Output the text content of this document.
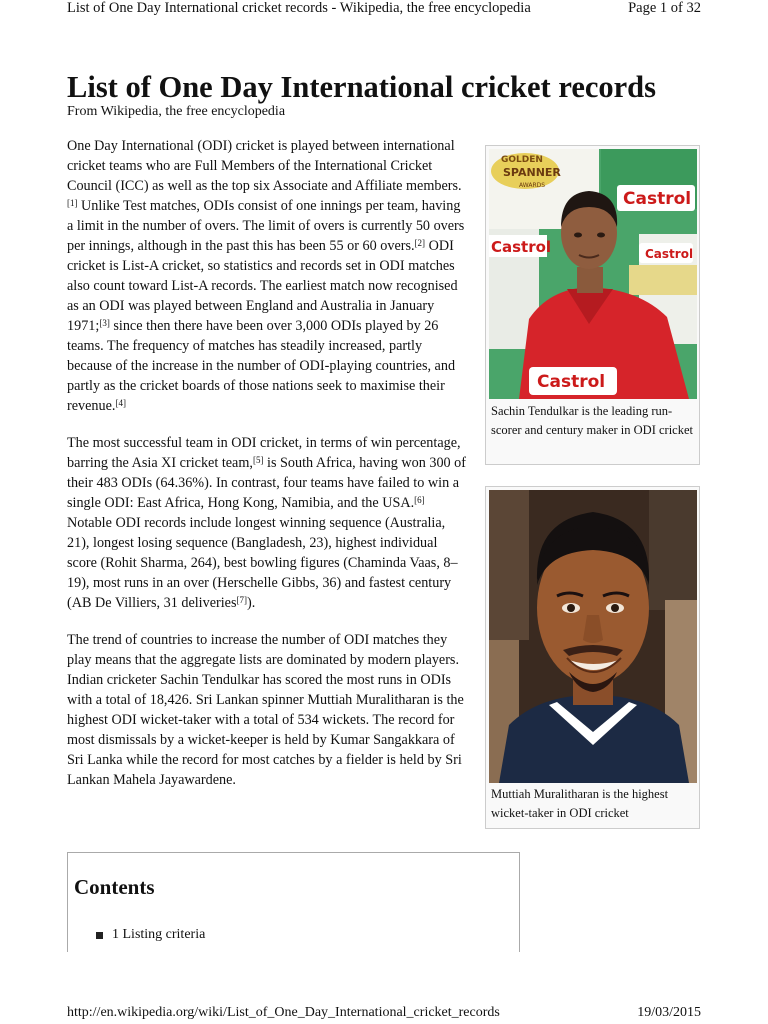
List of One Day International cricket records - Wikipedia, the free encyclopedia	Page 1 of 32
List of One Day International cricket records
From Wikipedia, the free encyclopedia

One Day International (ODI) cricket is played between international cricket teams who are Full Members of the International Cricket Council (ICC) as well as the top six Associate and Affiliate members.[1] Unlike Test matches, ODIs consist of one innings per team, having a limit in the number of overs. The limit of overs is currently 50 overs per innings, although in the past this has been 55 or 60 overs.[2] ODI cricket is List-A cricket, so statistics and records set in ODI matches also count toward List-A records. The earliest match now recognised as an ODI was played between England and Australia in January 1971;[3] since then there have been over 3,000 ODIs played by 26 teams. The frequency of matches has steadily increased, partly because of the increase in the number of ODI-playing countries, and partly as the cricket boards of those nations seek to maximise their revenue.[4]

The most successful team in ODI cricket, in terms of win percentage, barring the Asia XI cricket team,[5] is South Africa, having won 300 of their 483 ODIs (64.36%). In contrast, four teams have failed to win a single ODI: East Africa, Hong Kong, Namibia, and the USA.[6] Notable ODI records include longest winning sequence (Australia, 21), longest losing sequence (Bangladesh, 23), highest individual score (Rohit Sharma, 264), best bowling figures (Chaminda Vaas, 8–19), most runs in an over (Herschelle Gibbs, 36) and fastest century (AB De Villiers, 31 deliveries[7]).

The trend of countries to increase the number of ODI matches they play means that the aggregate lists are dominated by modern players. Indian cricketer Sachin Tendulkar has scored the most runs in ODIs with a total of 18,426. Sri Lankan spinner Muttiah Muralitharan is the highest ODI wicket-taker with a total of 534 wickets. The record for most dismissals by a wicket-keeper is held by Kumar Sangakkara of Sri Lanka while the record for most catches by a fielder is held by Sri Lankan Mahela Jayawardene.

GOLDEN
SPANNER
AWARDS
Castrol
Castrol	Castrol
Castrol
Sachin Tendulkar is the leading run-scorer and century maker in ODI cricket
Muttiah Muralitharan is the highest wicket-taker in ODI cricket
Contents
1 Listing criteria
http://en.wikipedia.org/wiki/List_of_One_Day_International_cricket_records	19/03/2015
